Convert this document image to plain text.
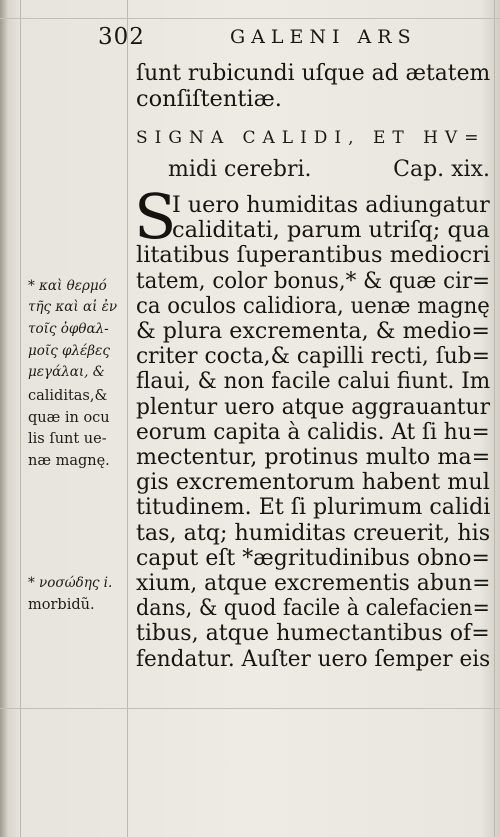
302	GALENI ARS
ſunt rubicundi uſque ad ætatem
conſiſtentiæ.
SIGNA CALIDI, ET HV=
midi cerebri.	Cap. xix.
S
I uero humiditas adiungatur
caliditati, parum utriſq; qua
litatibus ſuperantibus mediocri
tatem, color bonus,* & quæ cir=
ca oculos calidiora, uenæ magnę
& plura excrementa, & medio=
criter cocta,& capilli recti, ſub=
flaui, & non facile calui fiunt. Im
plentur uero atque aggrauantur
eorum capita à calidis. At ſi hu=
mectentur, protinus multo ma=
gis excrementorum habent mul
titudinem. Et ſi plurimum calidi
tas, atq; humiditas creuerit, his
caput eſt *ægritudinibus obno=
xium, atque excrementis abun=
dans, & quod facile à calefacien=
tibus, atque humectantibus of=
fendatur. Auſter uero ſemper eis
* καὶ θερμό
τῆς καὶ αἱ ἐν
τοῖς ὀφθαλ-
μοῖς φλέβες
μεγάλαι, &
caliditas,&
quæ in ocu
lis ſunt ue-
næ magnę.
* νοσώδης i.
morbidũ.
